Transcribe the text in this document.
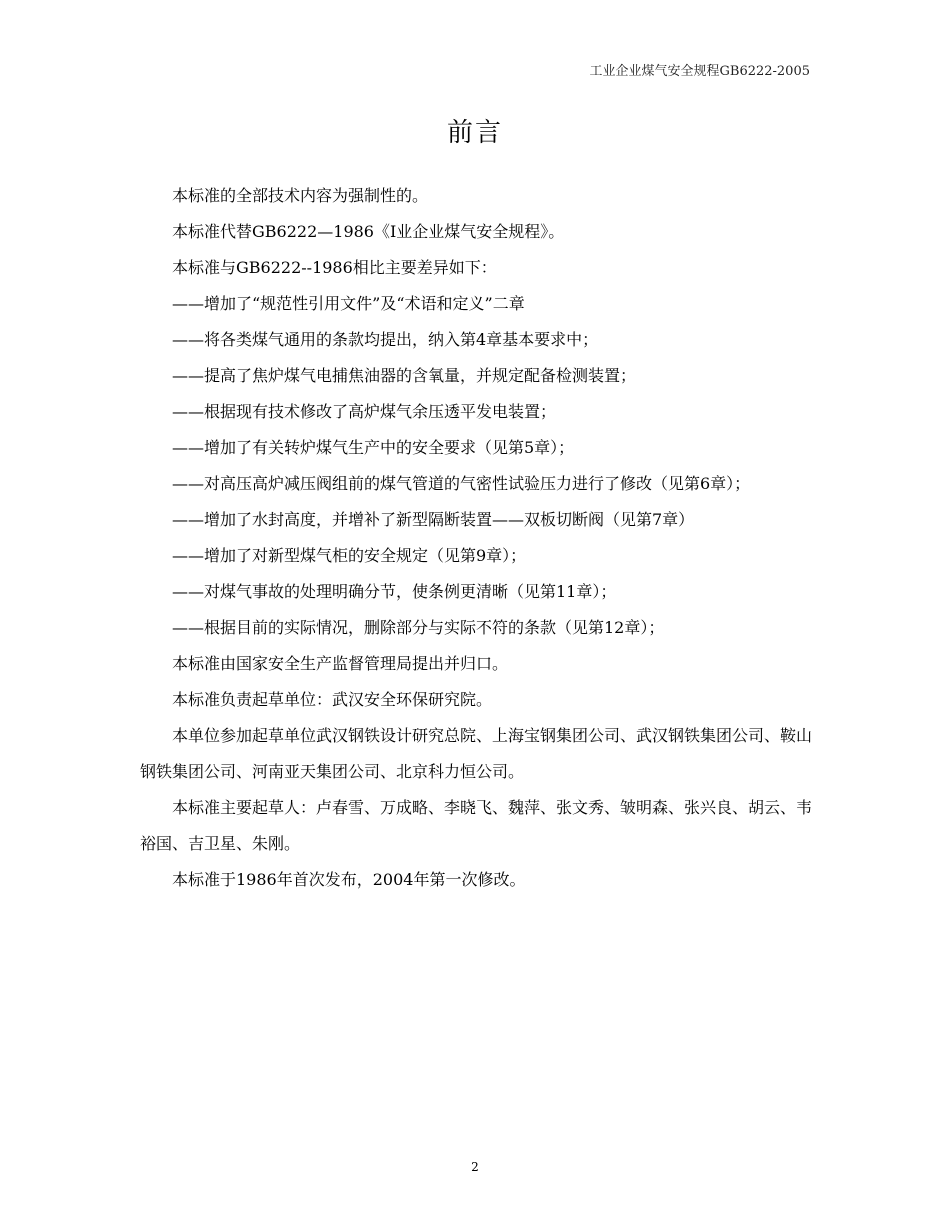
工业企业煤气安全规程GB6222-2005
前言

本标准的全部技术内容为强制性的。

本标准代替GB6222—1986《I业企业煤气安全规程》。

本标准与GB6222--1986相比主要差异如下：

——增加了“规范性引用文件”及“术语和定义”二章

——将各类煤气通用的条款均提出，纳入第4章基本要求中；

——提高了焦炉煤气电捕焦油器的含氧量，并规定配备检测装置；

——根据现有技术修改了高炉煤气余压透平发电装置；

——增加了有关转炉煤气生产中的安全要求（见第5章）；

——对高压高炉减压阀组前的煤气管道的气密性试验压力进行了修改（见第6章）；

——增加了水封高度，并增补了新型隔断装置——双板切断阀（见第7章）

——增加了对新型煤气柜的安全规定（见第9章）；

——对煤气事故的处理明确分节，使条例更清晰（见第11章）；

——根据目前的实际情况，删除部分与实际不符的条款（见第12章）；

本标准由国家安全生产监督管理局提出并归口。

本标准负责起草单位：武汉安全环保研究院。

本单位参加起草单位武汉钢铁设计研究总院、上海宝钢集团公司、武汉钢铁集团公司、鞍山钢铁集团公司、河南亚天集团公司、北京科力恒公司。

本标准主要起草人：卢春雪、万成略、李晓飞、魏萍、张文秀、皱明森、张兴良、胡云、韦裕国、吉卫星、朱刚。

本标准于1986年首次发布，2004年第一次修改。

2
